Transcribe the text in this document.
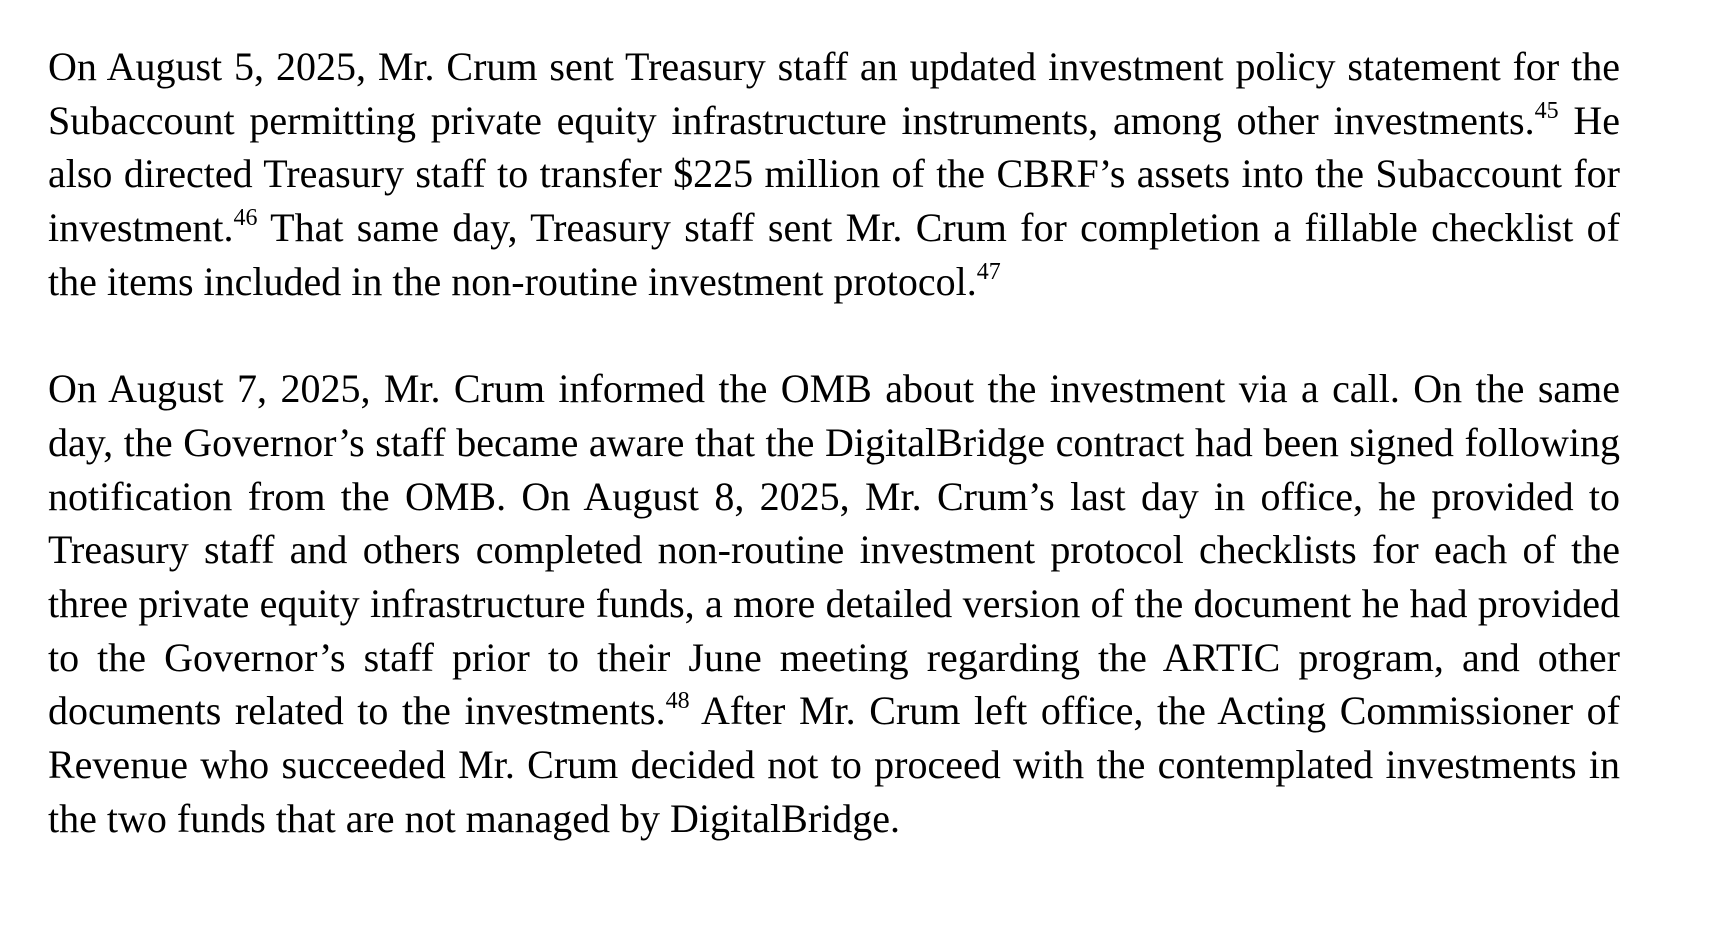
On August 5, 2025, Mr. Crum sent Treasury staff an updated investment policy statement for the Subaccount permitting private equity infrastructure instruments, among other investments.$^{45}$ He also directed Treasury staff to transfer $225 million of the CBRF’s assets into the Subaccount for investment.$^{46}$ That same day, Treasury staff sent Mr. Crum for completion a fillable checklist of the items included in the non-routine investment protocol.$^{47}$

On August 7, 2025, Mr. Crum informed the OMB about the investment via a call. On the same day, the Governor’s staff became aware that the DigitalBridge contract had been signed following notification from the OMB. On August 8, 2025, Mr. Crum’s last day in office, he provided to Treasury staff and others completed non-routine investment protocol checklists for each of the three private equity infrastructure funds, a more detailed version of the document he had provided to the Governor’s staff prior to their June meeting regarding the ARTIC program, and other documents related to the investments.$^{48}$ After Mr. Crum left office, the Acting Commissioner of Revenue who succeeded Mr. Crum decided not to proceed with the contemplated investments in the two funds that are not managed by DigitalBridge.
